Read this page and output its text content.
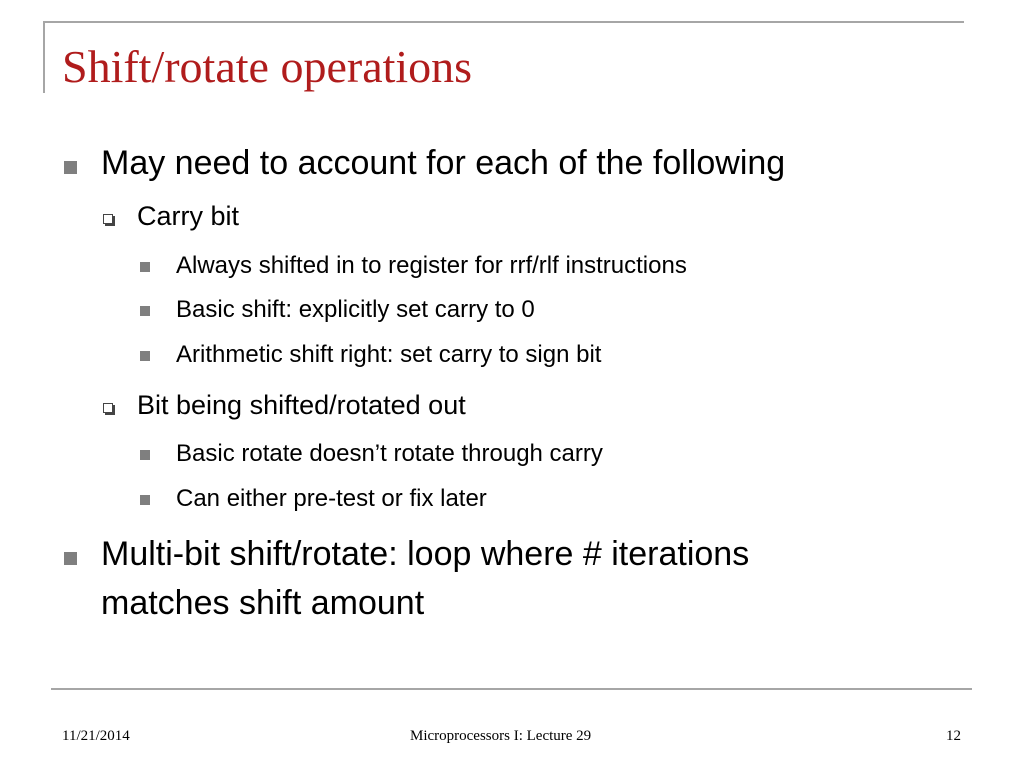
Shift/rotate operations
May need to account for each of the following
Carry bit
Always shifted in to register for rrf/rlf instructions
Basic shift: explicitly set carry to 0
Arithmetic shift right: set carry to sign bit
Bit being shifted/rotated out
Basic rotate doesn’t rotate through carry
Can either pre-test or fix later
Multi-bit shift/rotate: loop where # iterations
matches shift amount
11/21/2014	Microprocessors I: Lecture 29	12
